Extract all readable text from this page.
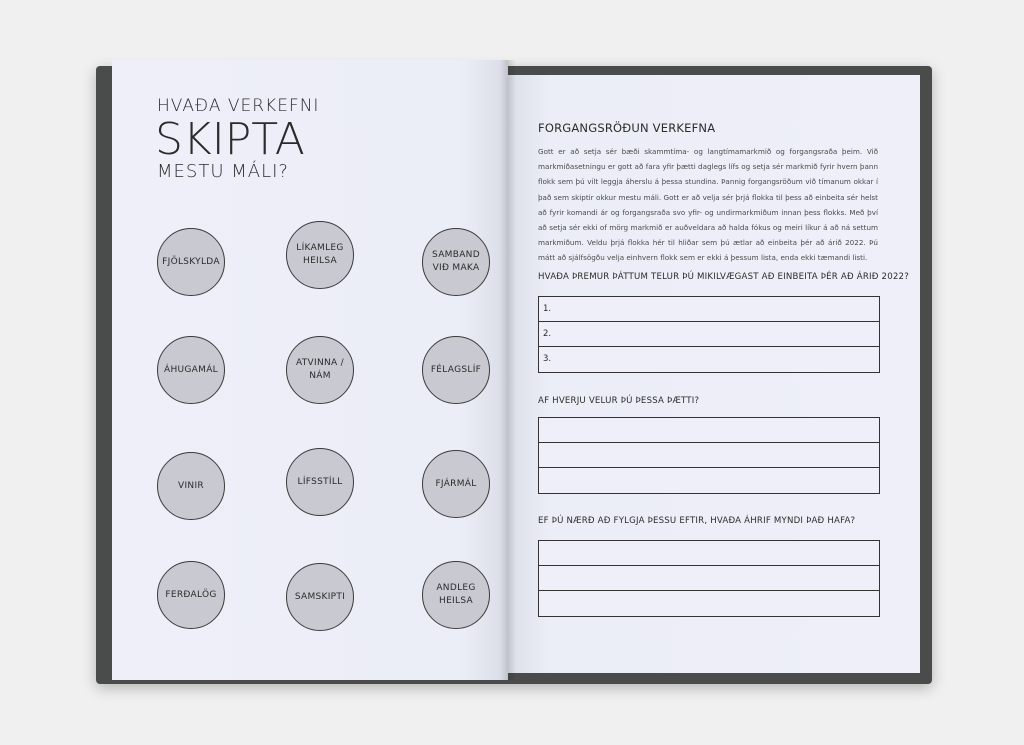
HVAÐA VERKEFNI
SKIPTA
MESTU MÁLI?
FJÖLSKYLDA
LÍKAMLEG
HEILSA
SAMBAND
VIÐ MAKA
ÁHUGAMÁL
ATVINNA /
NÁM
FÉLAGSLÍF
VINIR	LÍFSSTÍLL	FJÁRMÁL
FERÐALÖG	SAMSKIPTI
ANDLEG
HEILSA
FORGANGSRÖÐUN VERKEFNA
Gott er að setja sér bæði skammtíma- og langtímamarkmið og forgangsraða þeim. Við markmiðasetningu er gott að fara yfir þætti daglegs lífs og setja sér markmið fyrir hvern þann flokk sem þú vilt leggja áherslu á þessa stundina. Þannig forgangsröðum við tímanum okkar í það sem skiptir okkur mestu máli. Gott er að velja sér þrjá flokka til þess að einbeita sér helst að fyrir komandi ár og forgangsraða svo yfir- og undirmarkmiðum innan þess flokks. Með því að setja sér ekki of mörg markmið er auðveldara að halda fókus og meiri líkur á að ná settum markmiðum. Veldu þrjá flokka hér til hliðar sem þú ætlar að einbeita þér að árið 2022. Þú mátt að sjálfsögðu velja einhvern flokk sem er ekki á þessum lista, enda ekki tæmandi listi.
HVAÐA ÞREMUR ÞÁTTUM TELUR ÞÚ MIKILVÆGAST AÐ EINBEITA ÞÉR AÐ ÁRIÐ 2022?
1.
2.
3.
AF HVERJU VELUR ÞÚ ÞESSA ÞÆTTI?
EF ÞÚ NÆRÐ AÐ FYLGJA ÞESSU EFTIR, HVAÐA ÁHRIF MYNDI ÞAÐ HAFA?
